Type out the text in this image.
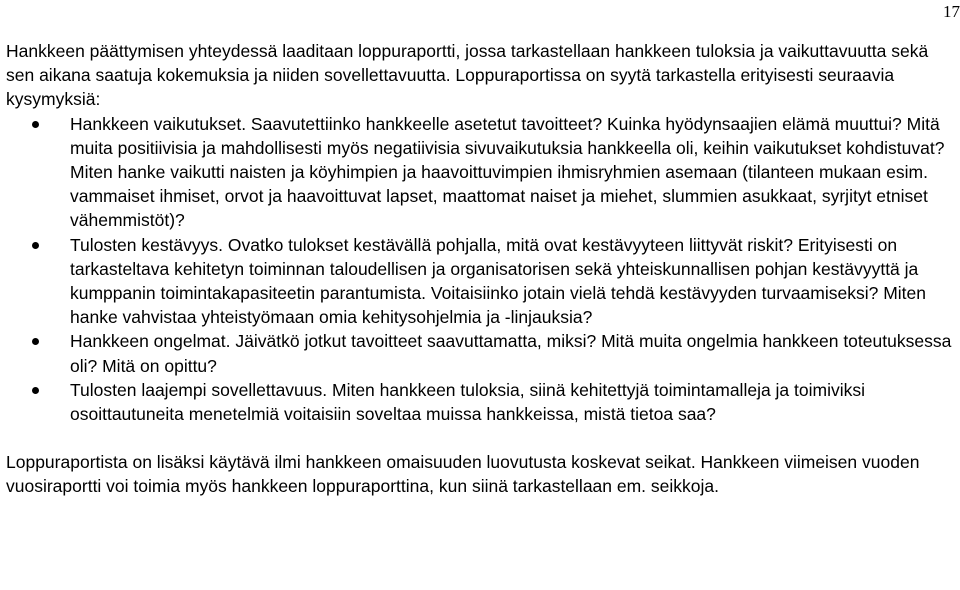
17

Hankkeen päättymisen yhteydessä laaditaan loppuraportti, jossa tarkastellaan hankkeen tuloksia ja vaikuttavuutta sekä sen aikana saatuja kokemuksia ja niiden sovellettavuutta. Loppuraportissa on syytä tarkastella erityisesti seuraavia kysymyksiä:

Hankkeen vaikutukset. Saavutettiinko hankkeelle asetetut tavoitteet? Kuinka hyödynsaajien elämä muuttui? Mitä muita positiivisia ja mahdollisesti myös negatiivisia sivuvaikutuksia hankkeella oli, keihin vaikutukset kohdistuvat? Miten hanke vaikutti naisten ja köyhimpien ja haavoittuvimpien ihmisryhmien asemaan (tilanteen mukaan esim. vammaiset ihmiset, orvot ja haavoittuvat lapset, maattomat naiset ja miehet, slummien asukkaat, syrjityt etniset vähemmistöt)?
Tulosten kestävyys. Ovatko tulokset kestävällä pohjalla, mitä ovat kestävyyteen liittyvät riskit? Erityisesti on tarkasteltava kehitetyn toiminnan taloudellisen ja organisatorisen sekä yhteiskunnallisen pohjan kestävyyttä ja kumppanin toimintakapasiteetin parantumista. Voitaisiinko jotain vielä tehdä kestävyyden turvaamiseksi? Miten hanke vahvistaa yhteistyömaan omia kehitysohjelmia ja -linjauksia?
Hankkeen ongelmat. Jäivätkö jotkut tavoitteet saavuttamatta, miksi? Mitä muita ongelmia hankkeen toteutuksessa oli? Mitä on opittu?
Tulosten laajempi sovellettavuus. Miten hankkeen tuloksia, siinä kehitettyjä toimintamalleja ja toimiviksi osoittautuneita menetelmiä voitaisiin soveltaa muissa hankkeissa, mistä tietoa saa?

Loppuraportista on lisäksi käytävä ilmi hankkeen omaisuuden luovutusta koskevat seikat. Hankkeen viimeisen vuoden vuosiraportti voi toimia myös hankkeen loppuraporttina, kun siinä tarkastellaan em. seikkoja.
